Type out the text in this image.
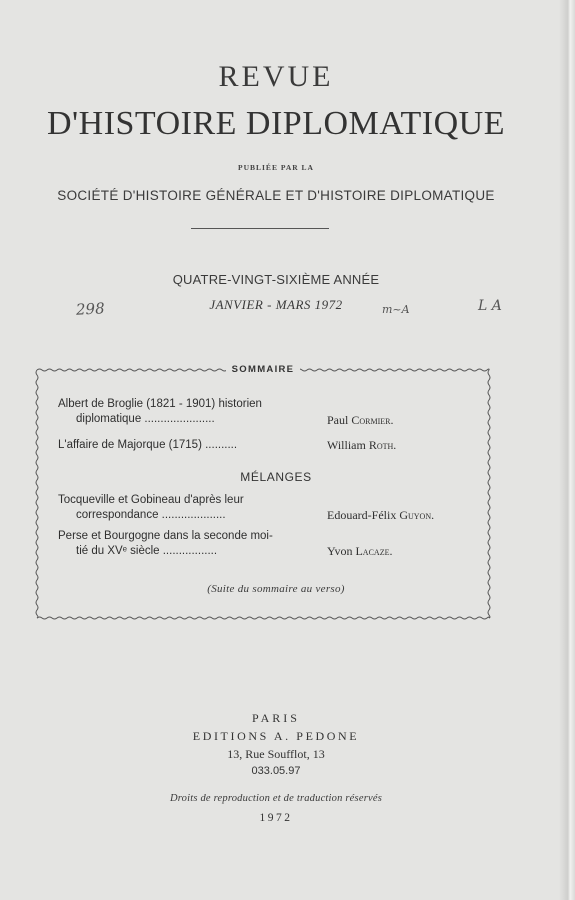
REVUE
D'HISTOIRE DIPLOMATIQUE
PUBLIÉE PAR LA
SOCIÉTÉ D'HISTOIRE GÉNÉRALE ET D'HISTOIRE DIPLOMATIQUE
QUATRE-VINGT-SIXIÈME ANNÉE
JANVIER - MARS 1972
298	m~A	L A
SOMMAIRE
Albert de Broglie (1821 - 1901) historien
diplomatique ......................	Paul Cormier.
L'affaire de Majorque (1715) ..........	William Roth.
MÉLANGES
Tocqueville et Gobineau d'après leur
correspondance ....................	Edouard-Félix Guyon.
Perse et Bourgogne dans la seconde moi-
tié du XVᵉ siècle .................	Yvon Lacaze.
(Suite du sommaire au verso)
PARIS
EDITIONS A. PEDONE
13, Rue Soufflot, 13
033.05.97
Droits de reproduction et de traduction réservés
1972
